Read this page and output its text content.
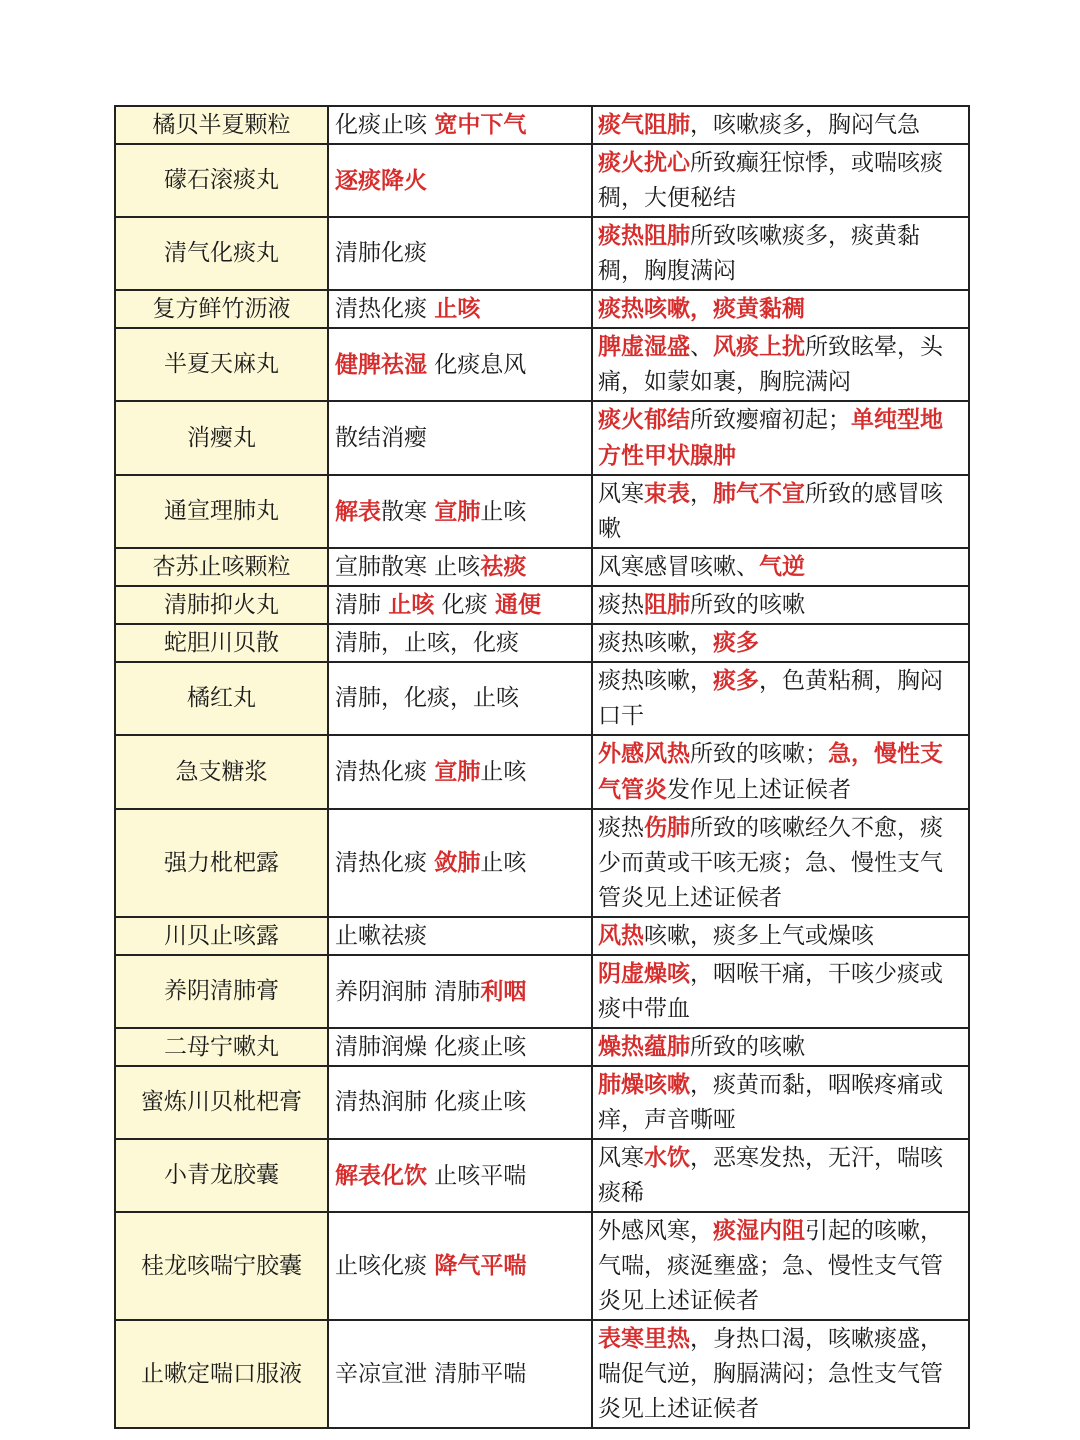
橘贝半夏颗粒	化痰止咳 宽中下气	痰气阻肺，咳嗽痰多，胸闷气急
礞石滚痰丸	逐痰降火	痰火扰心所致癫狂惊悸，或喘咳痰稠，大便秘结
清气化痰丸	清肺化痰	痰热阻肺所致咳嗽痰多，痰黄黏稠，胸腹满闷
复方鲜竹沥液	清热化痰 止咳	痰热咳嗽，痰黄黏稠
半夏天麻丸	健脾祛湿 化痰息风	脾虚湿盛、风痰上扰所致眩晕，头痛，如蒙如裹，胸脘满闷
消瘿丸	散结消瘿	痰火郁结所致瘿瘤初起；单纯型地方性甲状腺肿
通宣理肺丸	解表散寒 宣肺止咳	风寒束表，肺气不宣所致的感冒咳嗽
杏苏止咳颗粒	宣肺散寒 止咳祛痰	风寒感冒咳嗽、气逆
清肺抑火丸	清肺 止咳 化痰 通便	痰热阻肺所致的咳嗽
蛇胆川贝散	清肺，止咳，化痰	痰热咳嗽，痰多
橘红丸	清肺，化痰，止咳	痰热咳嗽，痰多，色黄粘稠，胸闷口干
急支糖浆	清热化痰 宣肺止咳	外感风热所致的咳嗽；急，慢性支气管炎发作见上述证候者
强力枇杷露	清热化痰 敛肺止咳	痰热伤肺所致的咳嗽经久不愈，痰少而黄或干咳无痰；急、慢性支气管炎见上述证候者
川贝止咳露	止嗽祛痰	风热咳嗽，痰多上气或燥咳
养阴清肺膏	养阴润肺 清肺利咽	阴虚燥咳，咽喉干痛，干咳少痰或痰中带血
二母宁嗽丸	清肺润燥 化痰止咳	燥热蕴肺所致的咳嗽
蜜炼川贝枇杷膏	清热润肺 化痰止咳	肺燥咳嗽，痰黄而黏，咽喉疼痛或痒，声音嘶哑
小青龙胶囊	解表化饮 止咳平喘	风寒水饮，恶寒发热，无汗，喘咳痰稀
桂龙咳喘宁胶囊	止咳化痰 降气平喘	外感风寒，痰湿内阻引起的咳嗽，气喘，痰涎壅盛；急、慢性支气管炎见上述证候者
止嗽定喘口服液	辛凉宣泄 清肺平喘	表寒里热，身热口渴，咳嗽痰盛，喘促气逆，胸膈满闷；急性支气管炎见上述证候者
